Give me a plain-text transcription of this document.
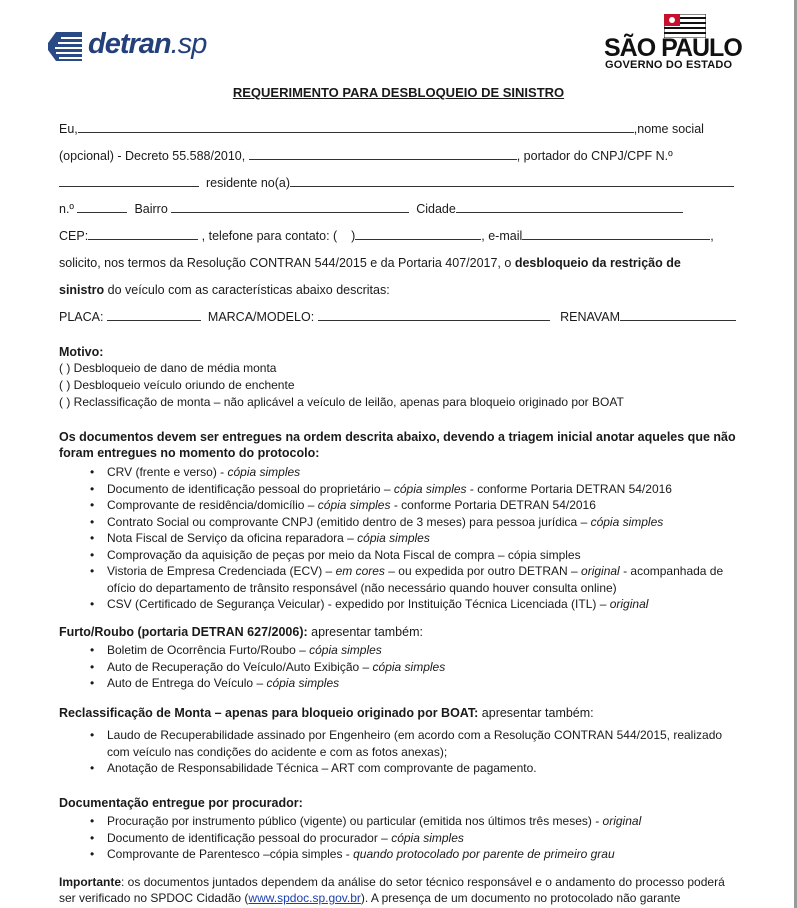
detran.sp	SÃO PAULO
GOVERNO DO ESTADO
REQUERIMENTO PARA DESBLOQUEIO DE SINISTRO
Eu,	,nome social
(opcional) - Decreto 55.588/2010,	, portador do CNPJ/CPF N.º
residente no(a)
n.º	Bairro	Cidade
CEP:	, telefone para contato: ( )	, e-mail	,
solicito, nos termos da Resolução CONTRAN 544/2015 e da Portaria 407/2017, o desbloqueio da restrição de
sinistro do veículo com as características abaixo descritas:
PLACA:	MARCA/MODELO:	RENAVAM
Motivo:
( ) Desbloqueio de dano de média monta
( ) Desbloqueio veículo oriundo de enchente
( ) Reclassificação de monta – não aplicável a veículo de leilão, apenas para bloqueio originado por BOAT
Os documentos devem ser entregues na ordem descrita abaixo, devendo a triagem inicial anotar aqueles que não foram entregues no momento do protocolo:
• CRV (frente e verso) - cópia simples
• Documento de identificação pessoal do proprietário – cópia simples - conforme Portaria DETRAN 54/2016
• Comprovante de residência/domicílio – cópia simples - conforme Portaria DETRAN 54/2016
• Contrato Social ou comprovante CNPJ (emitido dentro de 3 meses) para pessoa jurídica – cópia simples
• Nota Fiscal de Serviço da oficina reparadora – cópia simples
• Comprovação da aquisição de peças por meio da Nota Fiscal de compra – cópia simples
• Vistoria de Empresa Credenciada (ECV) – em cores – ou expedida por outro DETRAN – original - acompanhada de ofício do departamento de trânsito responsável (não necessário quando houver consulta online)
• CSV (Certificado de Segurança Veicular) - expedido por Instituição Técnica Licenciada (ITL) – original
Furto/Roubo (portaria DETRAN 627/2006): apresentar também:
• Boletim de Ocorrência Furto/Roubo – cópia simples
• Auto de Recuperação do Veículo/Auto Exibição – cópia simples
• Auto de Entrega do Veículo – cópia simples
Reclassificação de Monta – apenas para bloqueio originado por BOAT: apresentar também:
• Laudo de Recuperabilidade assinado por Engenheiro (em acordo com a Resolução CONTRAN 544/2015, realizado com veículo nas condições do acidente e com as fotos anexas);
• Anotação de Responsabilidade Técnica – ART com comprovante de pagamento.
Documentação entregue por procurador:
• Procuração por instrumento público (vigente) ou particular (emitida nos últimos três meses) - original
• Documento de identificação pessoal do procurador – cópia simples
• Comprovante de Parentesco –cópia simples - quando protocolado por parente de primeiro grau
Importante: os documentos juntados dependem da análise do setor técnico responsável e o andamento do processo poderá ser verificado no SPDOC Cidadão (www.spdoc.sp.gov.br). A presença de um documento no protocolado não garante
